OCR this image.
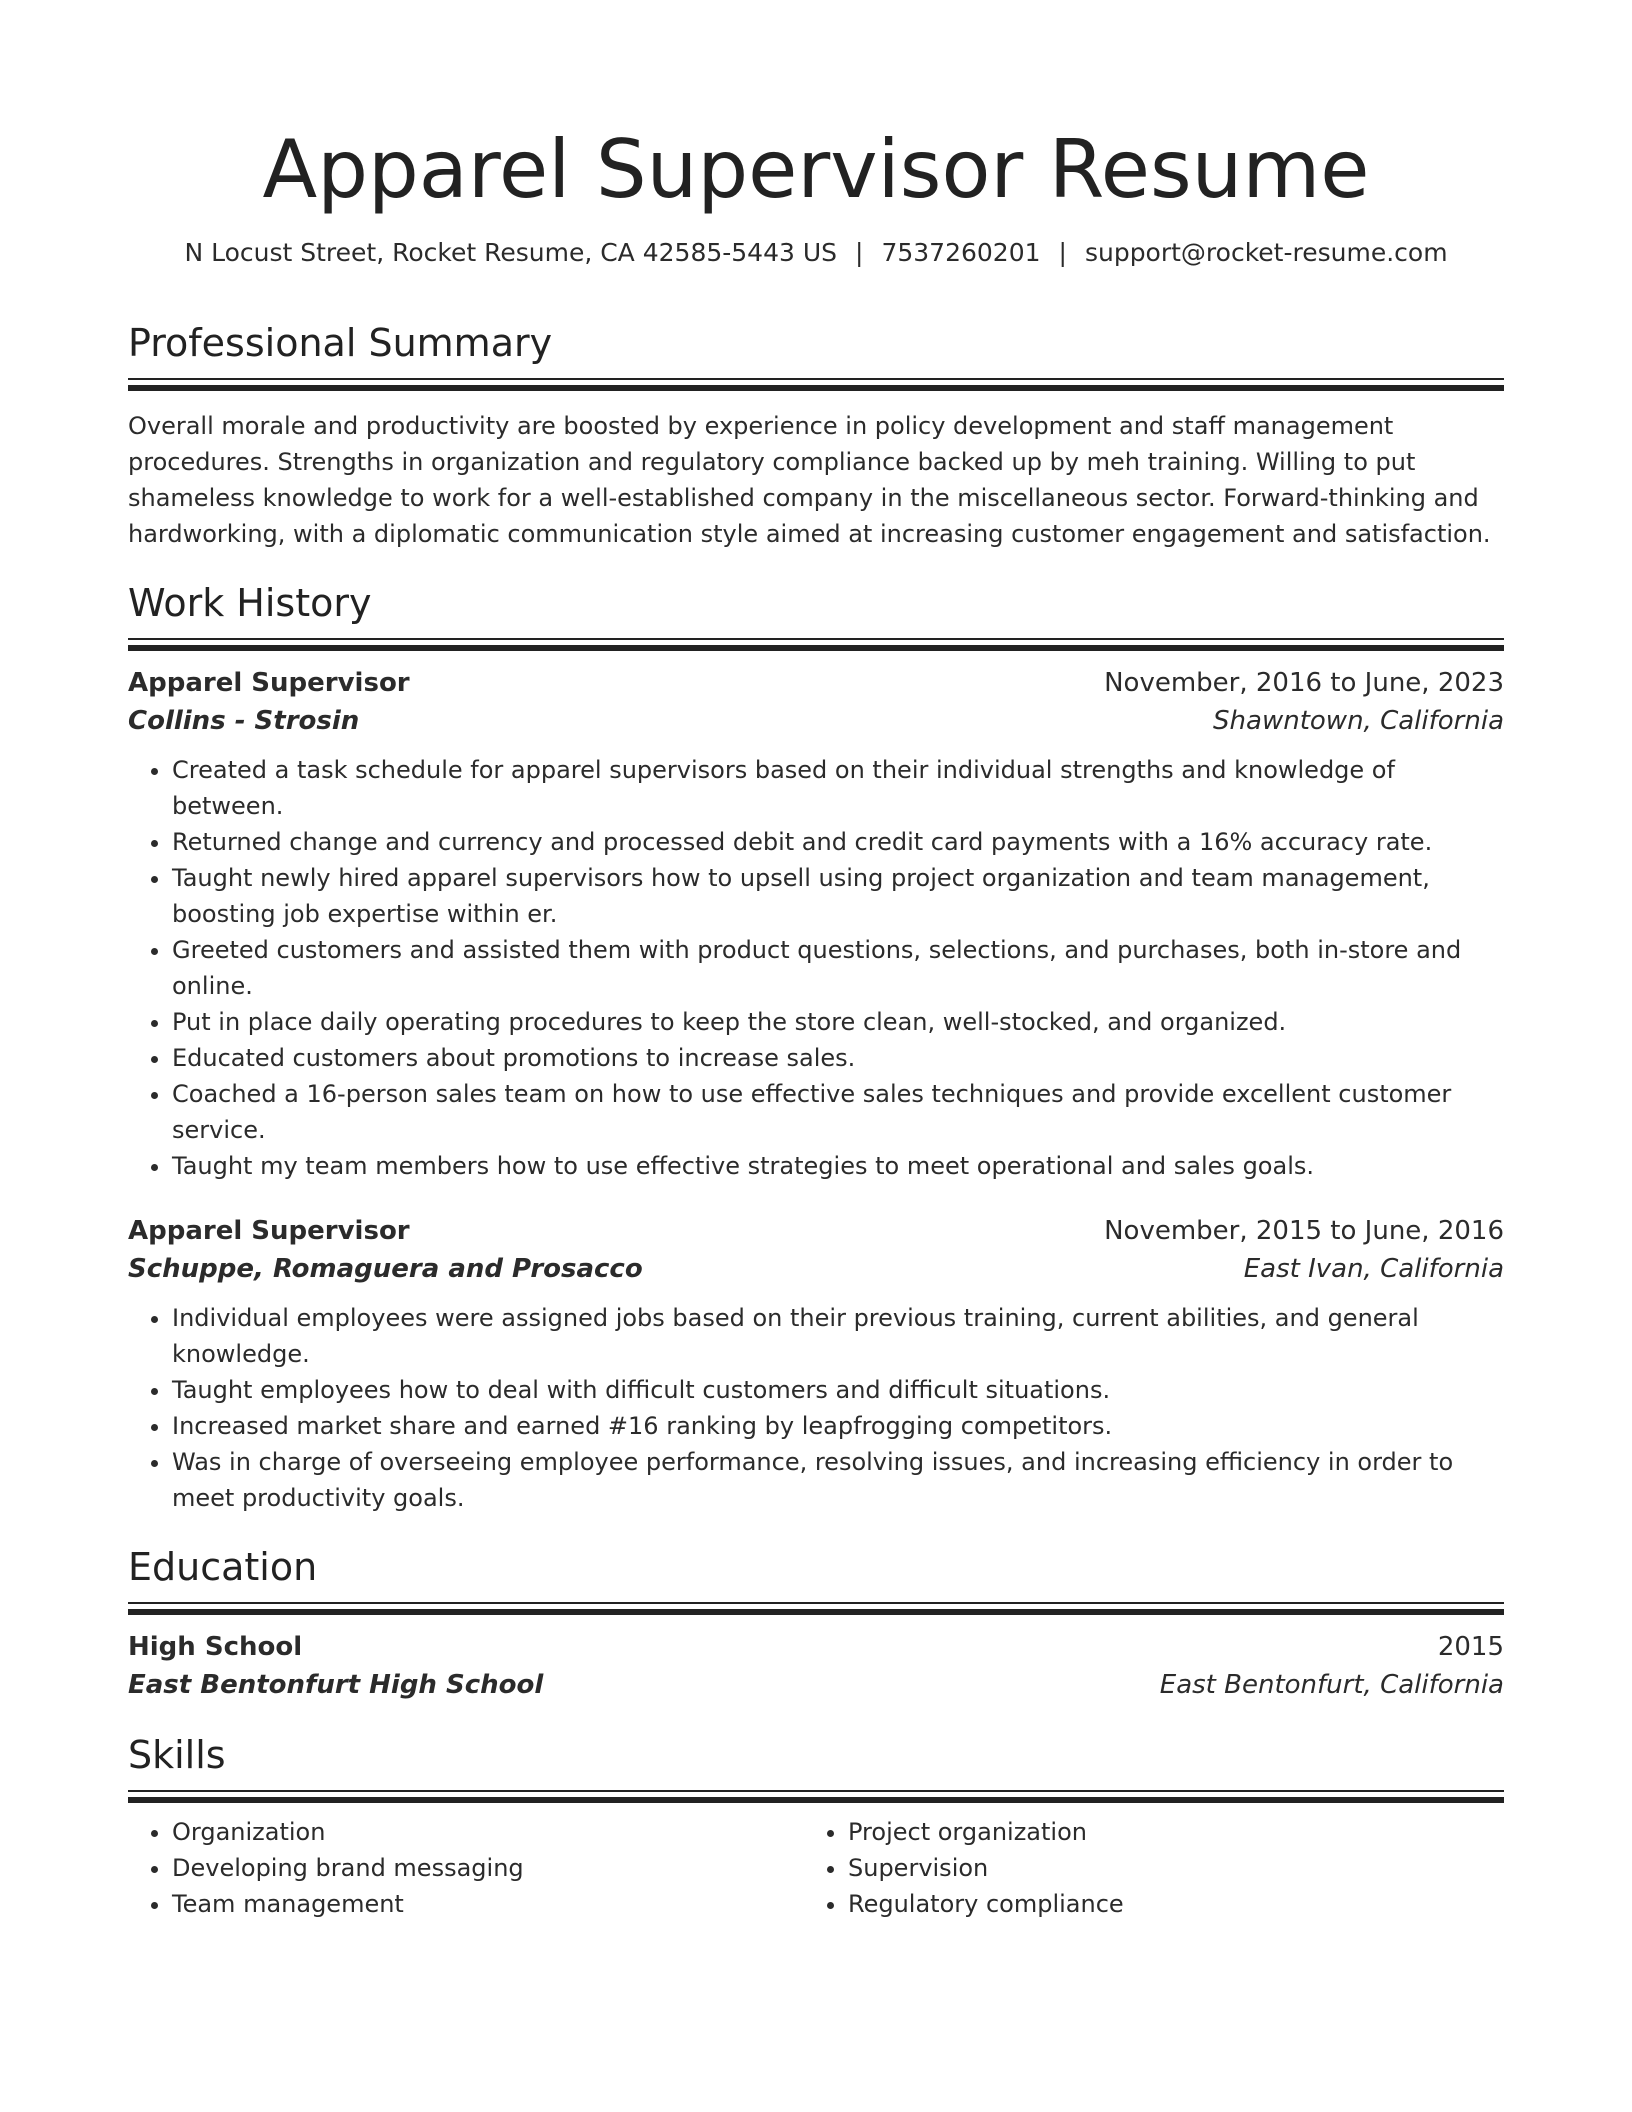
Apparel Supervisor Resume
N Locust Street, Rocket Resume, CA 42585-5443 US | 7537260201 | support@rocket-resume.com
Professional Summary

Overall morale and productivity are boosted by experience in policy development and staff management procedures. Strengths in organization and regulatory compliance backed up by meh training. Willing to put shameless knowledge to work for a well-established company in the miscellaneous sector. Forward-thinking and hardworking, with a diplomatic communication style aimed at increasing customer engagement and satisfaction.

Work History
Apparel Supervisor	November, 2016 to June, 2023
Collins - Strosin	Shawntown, California
• Created a task schedule for apparel supervisors based on their individual strengths and knowledge of between.
• Returned change and currency and processed debit and credit card payments with a 16% accuracy rate.
• Taught newly hired apparel supervisors how to upsell using project organization and team management, boosting job expertise within er.
• Greeted customers and assisted them with product questions, selections, and purchases, both in-store and online.
• Put in place daily operating procedures to keep the store clean, well-stocked, and organized.
• Educated customers about promotions to increase sales.
• Coached a 16-person sales team on how to use effective sales techniques and provide excellent customer service.
• Taught my team members how to use effective strategies to meet operational and sales goals.
Apparel Supervisor	November, 2015 to June, 2016
Schuppe, Romaguera and Prosacco	East Ivan, California
• Individual employees were assigned jobs based on their previous training, current abilities, and general knowledge.
• Taught employees how to deal with difficult customers and difficult situations.
• Increased market share and earned #16 ranking by leapfrogging competitors.
• Was in charge of overseeing employee performance, resolving issues, and increasing efficiency in order to meet productivity goals.
Education
High School	2015
East Bentonfurt High School	East Bentonfurt, California
Skills
• Organization
• Developing brand messaging
• Team management
• Project organization
• Supervision
• Regulatory compliance
